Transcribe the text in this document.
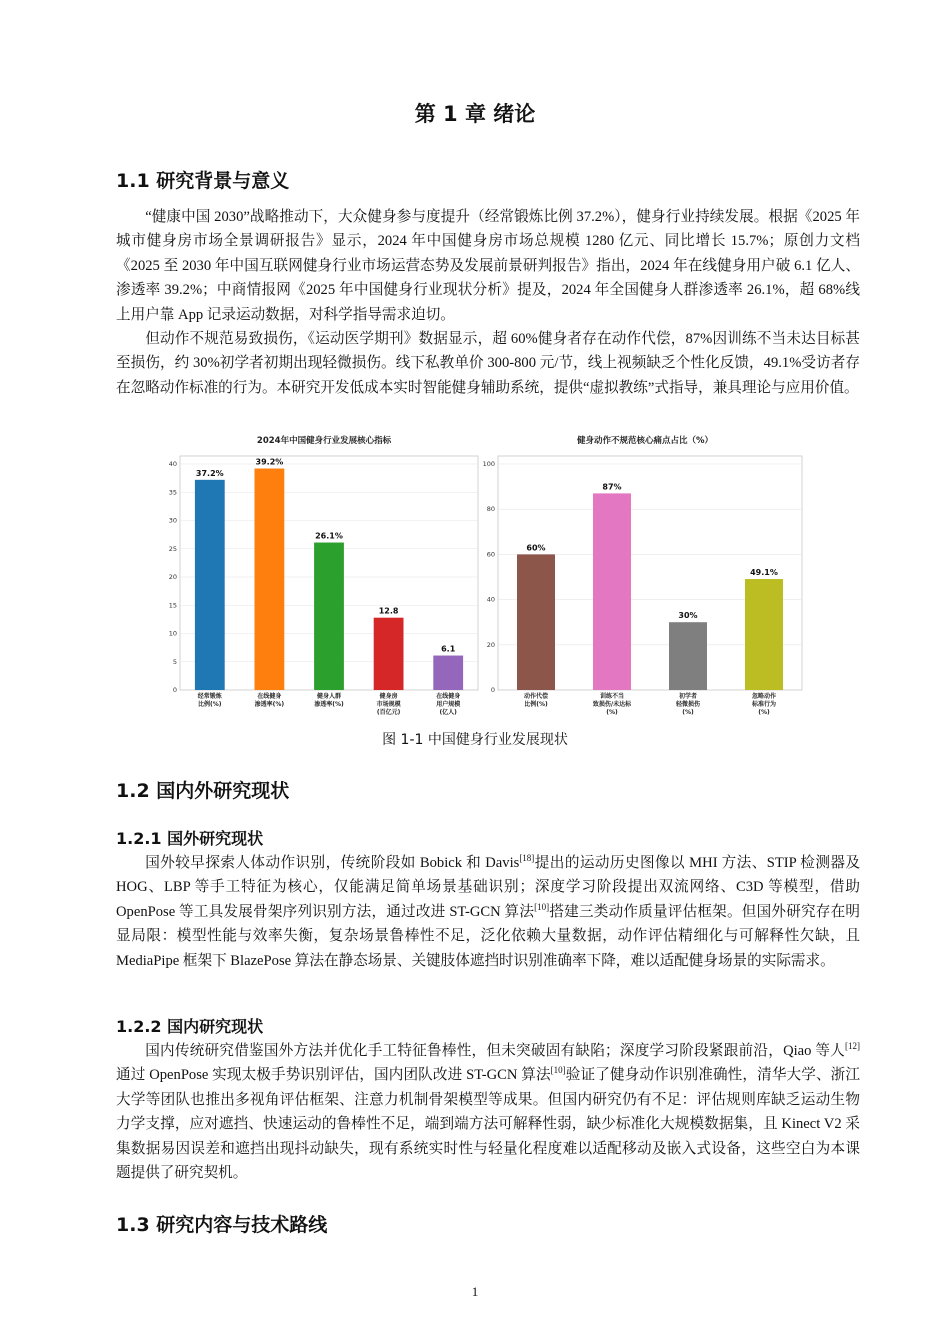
第 1 章 绪论
1.1 研究背景与意义

“健康中国 2030”战略推动下，大众健身参与度提升（经常锻炼比例 37.2%），健身行业持续发展。根据《2025 年城市健身房市场全景调研报告》显示，2024 年中国健身房市场总规模 1280 亿元、同比增长 15.7%；原创力文档《2025 至 2030 年中国互联网健身行业市场运营态势及发展前景研判报告》指出，2024 年在线健身用户破 6.1 亿人、渗透率 39.2%；中商情报网《2025 年中国健身行业现状分析》提及，2024 年全国健身人群渗透率 26.1%，超 68%线上用户靠 App 记录运动数据，对科学指导需求迫切。

但动作不规范易致损伤，《运动医学期刊》数据显示，超 60%健身者存在动作代偿，87%因训练不当未达目标甚至损伤，约 30%初学者初期出现轻微损伤。线下私教单价 300-800 元/节，线上视频缺乏个性化反馈，49.1%受访者存在忽略动作标准的行为。本研究开发低成本实时智能健身辅助系统，提供“虚拟教练”式指导，兼具理论与应用价值。

2024年中国健身行业发展核心指标
0
5
10
15
20
25
30
35
40
37.2%
经常锻炼比例(%)
39.2%
在线健身渗透率(%)
26.1%
健身人群渗透率(%)
12.8
健身房市场规模(百亿元)
6.1
在线健身用户规模(亿人)
健身动作不规范核心痛点占比（%）
0
20
40
60
80
100
60%
动作代偿比例(%)
87%
训练不当致损伤/未达标(%)
30%
初学者轻微损伤(%)
49.1%
忽略动作标准行为(%)
图 1-1 中国健身行业发展现状
1.2 国内外研究现状
1.2.1 国外研究现状

国外较早探索人体动作识别，传统阶段如 Bobick 和 Davis[18]提出的运动历史图像以 MHI 方法、STIP 检测器及 HOG、LBP 等手工特征为核心，仅能满足简单场景基础识别；深度学习阶段提出双流网络、C3D 等模型，借助 OpenPose 等工具发展骨架序列识别方法，通过改进 ST-GCN 算法[10]搭建三类动作质量评估框架。但国外研究存在明显局限：模型性能与效率失衡，复杂场景鲁棒性不足，泛化依赖大量数据，动作评估精细化与可解释性欠缺，且 MediaPipe 框架下 BlazePose 算法在静态场景、关键肢体遮挡时识别准确率下降，难以适配健身场景的实际需求。

1.2.2 国内研究现状

国内传统研究借鉴国外方法并优化手工特征鲁棒性，但未突破固有缺陷；深度学习阶段紧跟前沿，Qiao 等人[12]通过 OpenPose 实现太极手势识别评估，国内团队改进 ST-GCN 算法[10]验证了健身动作识别准确性，清华大学、浙江大学等团队也推出多视角评估框架、注意力机制骨架模型等成果。但国内研究仍有不足：评估规则库缺乏运动生物力学支撑，应对遮挡、快速运动的鲁棒性不足，端到端方法可解释性弱，缺少标准化大规模数据集，且 Kinect V2 采集数据易因误差和遮挡出现抖动缺失，现有系统实时性与轻量化程度难以适配移动及嵌入式设备，这些空白为本课题提供了研究契机。

1.3 研究内容与技术路线
1
